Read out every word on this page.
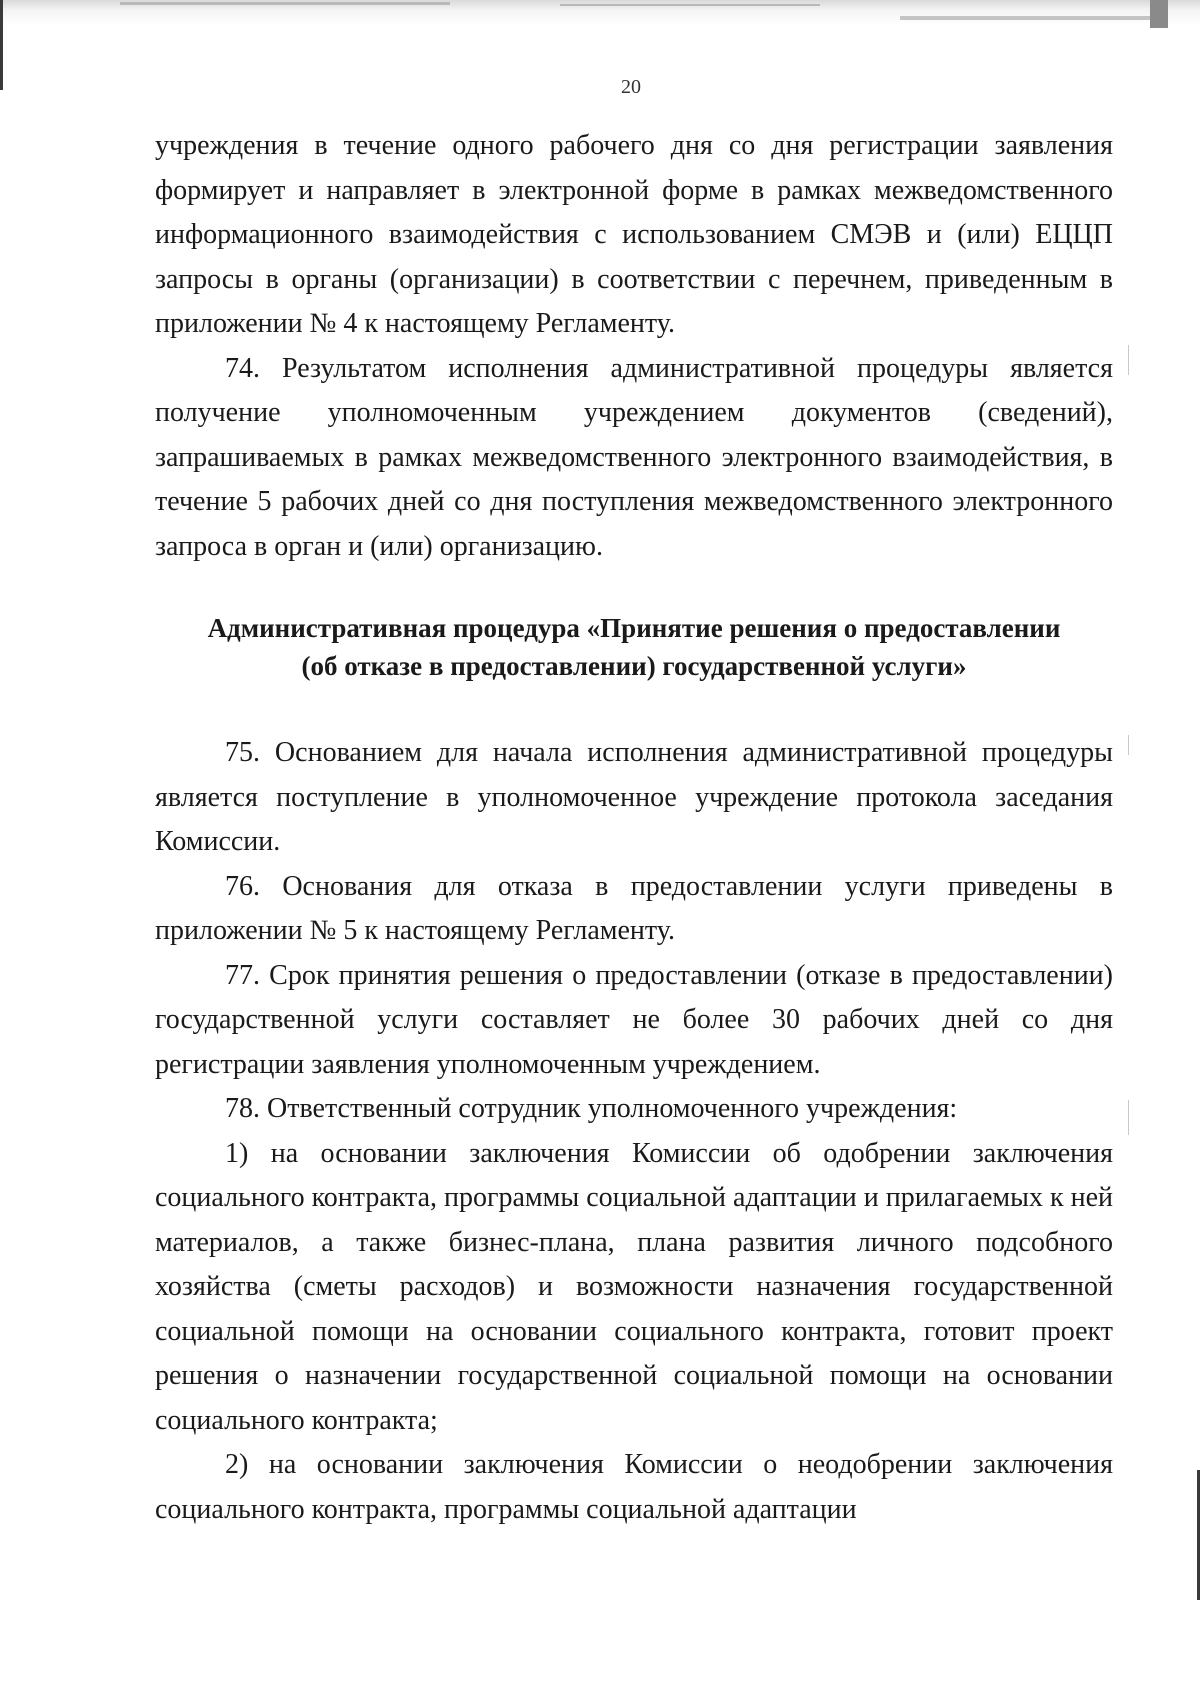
20

учреждения в течение одного рабочего дня со дня регистрации заявления формирует и направляет в электронной форме в рамках межведомственного информационного взаимодействия с использованием СМЭВ и (или) ЕЦЦП запросы в органы (организации) в соответствии с перечнем, приведенным в приложении № 4 к настоящему Регламенту.

74. Результатом исполнения административной процедуры является получение уполномоченным учреждением документов (сведений), запрашиваемых в рамках межведомственного электронного взаимодействия, в течение 5 рабочих дней со дня поступления межведомственного электронного запроса в орган и (или) организацию.

Административная процедура «Принятие решения о предоставлении
(об отказе в предоставлении) государственной услуги»

75. Основанием для начала исполнения административной процедуры является поступление в уполномоченное учреждение протокола заседания Комиссии.

76. Основания для отказа в предоставлении услуги приведены в приложении № 5 к настоящему Регламенту.

77. Срок принятия решения о предоставлении (отказе в предоставлении) государственной услуги составляет не более 30 рабочих дней со дня регистрации заявления уполномоченным учреждением.

78. Ответственный сотрудник уполномоченного учреждения:

1) на основании заключения Комиссии об одобрении заключения социального контракта, программы социальной адаптации и прилагаемых к ней материалов, а также бизнес-плана, плана развития личного подсобного хозяйства (сметы расходов) и возможности назначения государственной социальной помощи на основании социального контракта, готовит проект решения о назначении государственной социальной помощи на основании социального контракта;

2) на основании заключения Комиссии о неодобрении заключения социального контракта, программы социальной адаптации
